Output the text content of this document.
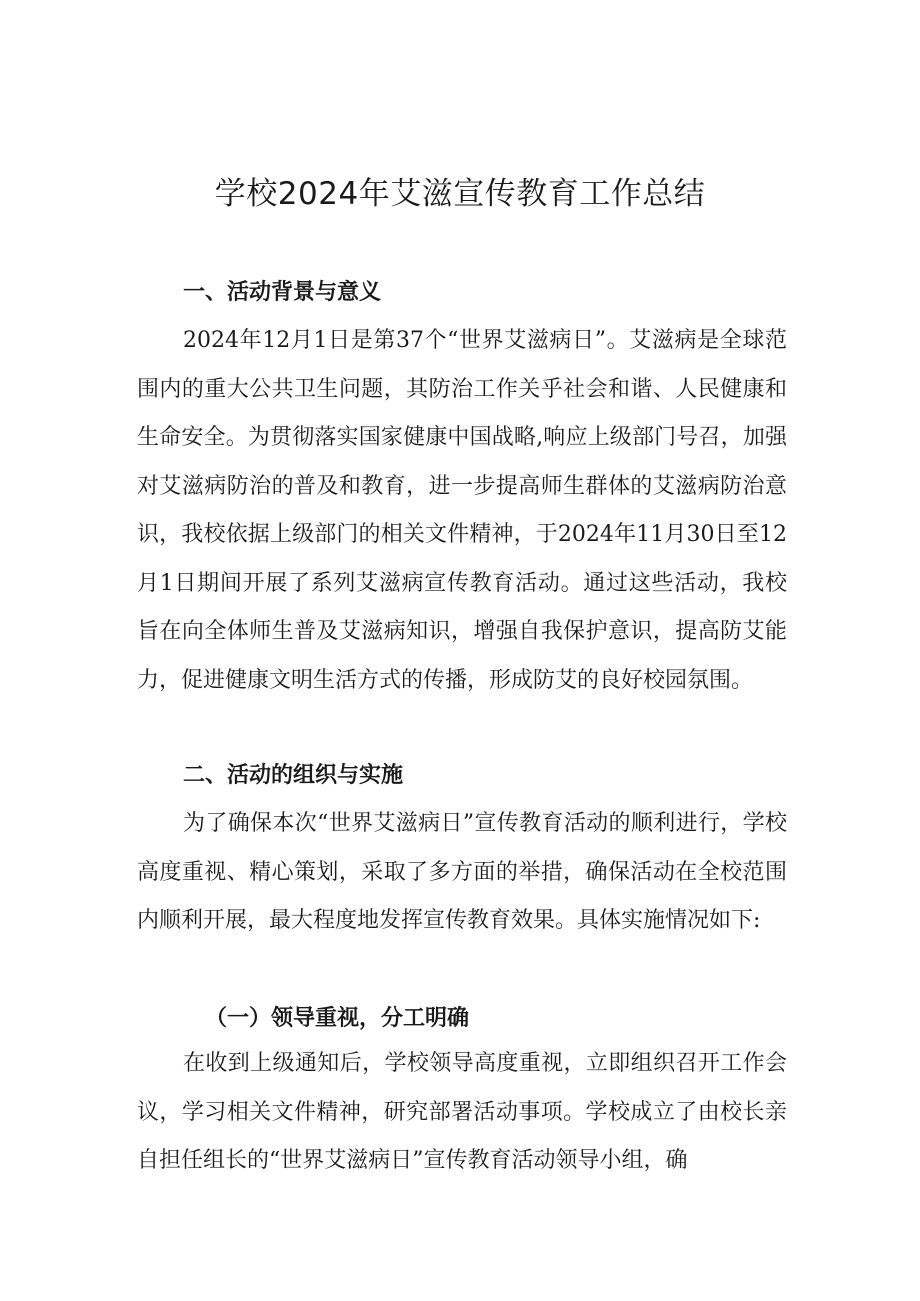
学校2024年艾滋宣传教育工作总结
一、活动背景与意义

2024年12月1日是第37个“世界艾滋病日”。艾滋病是全球范围内的重大公共卫生问题，其防治工作关乎社会和谐、人民健康和生命安全。为贯彻落实国家健康中国战略,响应上级部门号召，加强对艾滋病防治的普及和教育，进一步提高师生群体的艾滋病防治意识，我校依据上级部门的相关文件精神，于2024年11月30日至12月1日期间开展了系列艾滋病宣传教育活动。通过这些活动，我校旨在向全体师生普及艾滋病知识，增强自我保护意识，提高防艾能力，促进健康文明生活方式的传播，形成防艾的良好校园氛围。

二、活动的组织与实施

为了确保本次“世界艾滋病日”宣传教育活动的顺利进行，学校高度重视、精心策划，采取了多方面的举措，确保活动在全校范围内顺利开展，最大程度地发挥宣传教育效果。具体实施情况如下:

（一）领导重视，分工明确

在收到上级通知后，学校领导高度重视，立即组织召开工作会议，学习相关文件精神，研究部署活动事项。学校成立了由校长亲自担任组长的“世界艾滋病日”宣传教育活动领导小组，确
